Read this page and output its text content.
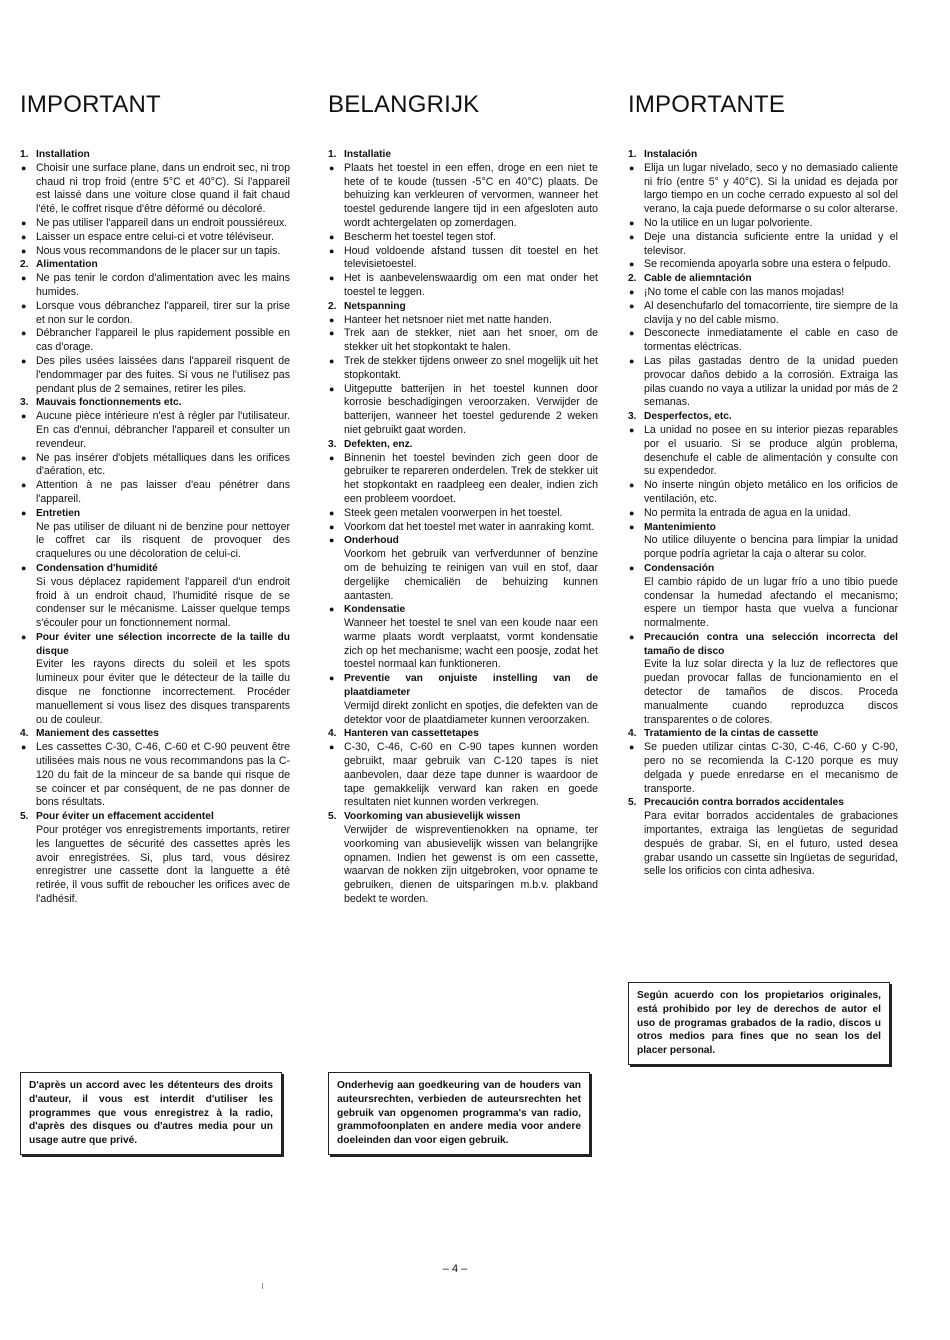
IMPORTANT
1. Installation
● Choisir une surface plane, dans un endroit sec, ni trop chaud ni trop froid (entre 5°C et 40°C). Si l'appareil est laissé dans une voiture close quand il fait chaud l'été, le coffret risque d'être déformé ou décoloré.
● Ne pas utiliser l'appareil dans un endroit poussiéreux.
● Laisser un espace entre celui-ci et votre téléviseur.
● Nous vous recommandons de le placer sur un tapis.
2. Alimentation
● Ne pas tenir le cordon d'alimentation avec les mains humides.
● Lorsque vous débranchez l'appareil, tirer sur la prise et non sur le cordon.
● Débrancher l'appareil le plus rapidement possible en cas d'orage.
● Des piles usées laissées dans l'appareil risquent de l'endommager par des fuites. Si vous ne l'utilisez pas pendant plus de 2 semaines, retirer les piles.
3. Mauvais fonctionnements etc.
● Aucune pièce intérieure n'est à régler par l'utilisateur. En cas d'ennui, débrancher l'appareil et consulter un revendeur.
● Ne pas insérer d'objets métalliques dans les orifices d'aération, etc.
● Attention à ne pas laisser d'eau pénétrer dans l'appareil.
● Entretien
Ne pas utiliser de diluant ni de benzine pour nettoyer le coffret car ils risquent de provoquer des craquelures ou une décoloration de celui-ci.
● Condensation d'humidité
Si vous déplacez rapidement l'appareil d'un endroit froid à un endroit chaud, l'humidité risque de se condenser sur le mécanisme. Laisser quelque temps s'écouler pour un fonctionnement normal.
● Pour éviter une sélection incorrecte de la taille du disque
Eviter les rayons directs du soleil et les spots lumineux pour éviter que le détecteur de la taille du disque ne fonctionne incorrectement. Procéder manuellement si vous lisez des disques transparents ou de couleur.
4. Maniement des cassettes
● Les cassettes C-30, C-46, C-60 et C-90 peuvent être utilisées mais nous ne vous recommandons pas la C-120 du fait de la minceur de sa bande qui risque de se coincer et par conséquent, de ne pas donner de bons résultats.
5. Pour éviter un effacement accidentel
Pour protéger vos enregistrements importants, retirer les languettes de sécurité des cassettes après les avoir enregistrées. Si, plus tard, vous désirez enregistrer une cassette dont la languette a été retirée, il vous suffit de reboucher les orifices avec de l'adhésif.
BELANGRIJK
1. Installatie
● Plaats het toestel in een effen, droge en een niet te hete of te koude (tussen -5°C en 40°C) plaats. De behuizing kan verkleuren of vervormen, wanneer het toestel gedurende langere tijd in een afgesloten auto wordt achtergelaten op zomerdagen.
● Bescherm het toestel tegen stof.
● Houd voldoende afstand tussen dit toestel en het televisietoestel.
● Het is aanbevelenswaardig om een mat onder het toestel te leggen.
2. Netspanning
● Hanteer het netsnoer niet met natte handen.
● Trek aan de stekker, niet aan het snoer, om de stekker uit het stopkontakt te halen.
● Trek de stekker tijdens onweer zo snel mogelijk uit het stopkontakt.
● Uitgeputte batterijen in het toestel kunnen door korrosie beschadigingen veroorzaken. Verwijder de batterijen, wanneer het toestel gedurende 2 weken niet gebruikt gaat worden.
3. Defekten, enz.
● Binnenin het toestel bevinden zich geen door de gebruiker te repareren onderdelen. Trek de stekker uit het stopkontakt en raadpleeg een dealer, indien zich een probleem voordoet.
● Steek geen metalen voorwerpen in het toestel.
● Voorkom dat het toestel met water in aanraking komt.
● Onderhoud
Voorkom het gebruik van verfverdunner of benzine om de behuizing te reinigen van vuil en stof, daar dergelijke chemicaliën de behuizing kunnen aantasten.
● Kondensatie
Wanneer het toestel te snel van een koude naar een warme plaats wordt verplaatst, vormt kondensatie zich op het mechanisme; wacht een poosje, zodat het toestel normaal kan funktioneren.
● Preventie van onjuiste instelling van de plaatdiameter
Vermijd direkt zonlicht en spotjes, die defekten van de detektor voor de plaatdiameter kunnen veroorzaken.
4. Hanteren van cassettetapes
● C-30, C-46, C-60 en C-90 tapes kunnen worden gebruikt, maar gebruik van C-120 tapes is niet aanbevolen, daar deze tape dunner is waardoor de tape gemakkelijk verward kan raken en goede resultaten niet kunnen worden verkregen.
5. Voorkoming van abusievelijk wissen
Verwijder de wispreventienokken na opname, ter voorkoming van abusievelijk wissen van belangrijke opnamen. Indien het gewenst is om een cassette, waarvan de nokken zijn uitgebroken, voor opname te gebruiken, dienen de uitsparingen m.b.v. plakband bedekt te worden.
IMPORTANTE
1. Instalación
● Elija un lugar nivelado, seco y no demasiado caliente ni frío (entre 5° y 40°C). Si la unidad es dejada por largo tiempo en un coche cerrado expuesto al sol del verano, la caja puede deformarse o su color alterarse.
● No la utilice en un lugar polvoriente.
● Deje una distancia suficiente entre la unidad y el televisor.
● Se recomienda apoyarla sobre una estera o felpudo.
2. Cable de aliemntación
● ¡No tome el cable con las manos mojadas!
● Al desenchufarlo del tomacorriente, tire siempre de la clavija y no del cable mismo.
● Desconecte inmediatamente el cable en caso de tormentas eléctricas.
● Las pilas gastadas dentro de la unidad pueden provocar daños debido a la corrosión. Extraiga las pilas cuando no vaya a utilizar la unidad por más de 2 semanas.
3. Desperfectos, etc.
● La unidad no posee en su interior piezas reparables por el usuario. Si se produce algún problema, desenchufe el cable de alimentación y consulte con su expendedor.
● No inserte ningún objeto metálico en los orificios de ventilación, etc.
● No permita la entrada de agua en la unidad.
● Mantenimiento
No utilice diluyente o bencina para limpiar la unidad porque podría agrietar la caja o alterar su color.
● Condensación
El cambio rápido de un lugar frío a uno tibio puede condensar la humedad afectando el mecanismo; espere un tiempor hasta que vuelva a funcionar normalmente.
● Precaución contra una selección incorrecta del tamaño de disco
Evite la luz solar directa y la luz de reflectores que puedan provocar fallas de funcionamiento en el detector de tamaños de discos. Proceda manualmente cuando reproduzca discos transparentes o de colores.
4. Tratamiento de la cintas de cassette
● Se pueden utilizar cintas C-30, C-46, C-60 y C-90, pero no se recomienda la C-120 porque es muy delgada y puede enredarse en el mecanismo de transporte.
5. Precaución contra borrados accidentales
Para evitar borrados accidentales de grabaciones importantes, extraiga las lengüetas de seguridad después de grabar. Si, en el futuro, usted desea grabar usando un cassette sin lngüetas de seguridad, selle los orificios con cinta adhesiva.
D'après un accord avec les détenteurs des droits d'auteur, il vous est interdit d'utiliser les programmes que vous enregistrez à la radio, d'après des disques ou d'autres media pour un usage autre que privé.
Onderhevig aan goedkeuring van de houders van auteursrechten, verbieden de auteursrechten het gebruik van opgenomen programma's van radio, grammofoonplaten en andere media voor andere doeleinden dan voor eigen gebruik.
Según acuerdo con los propietarios originales, está prohibido por ley de derechos de autor el uso de programas grabados de la radio, discos u otros medios para fines que no sean los del placer personal.
– 4 –
